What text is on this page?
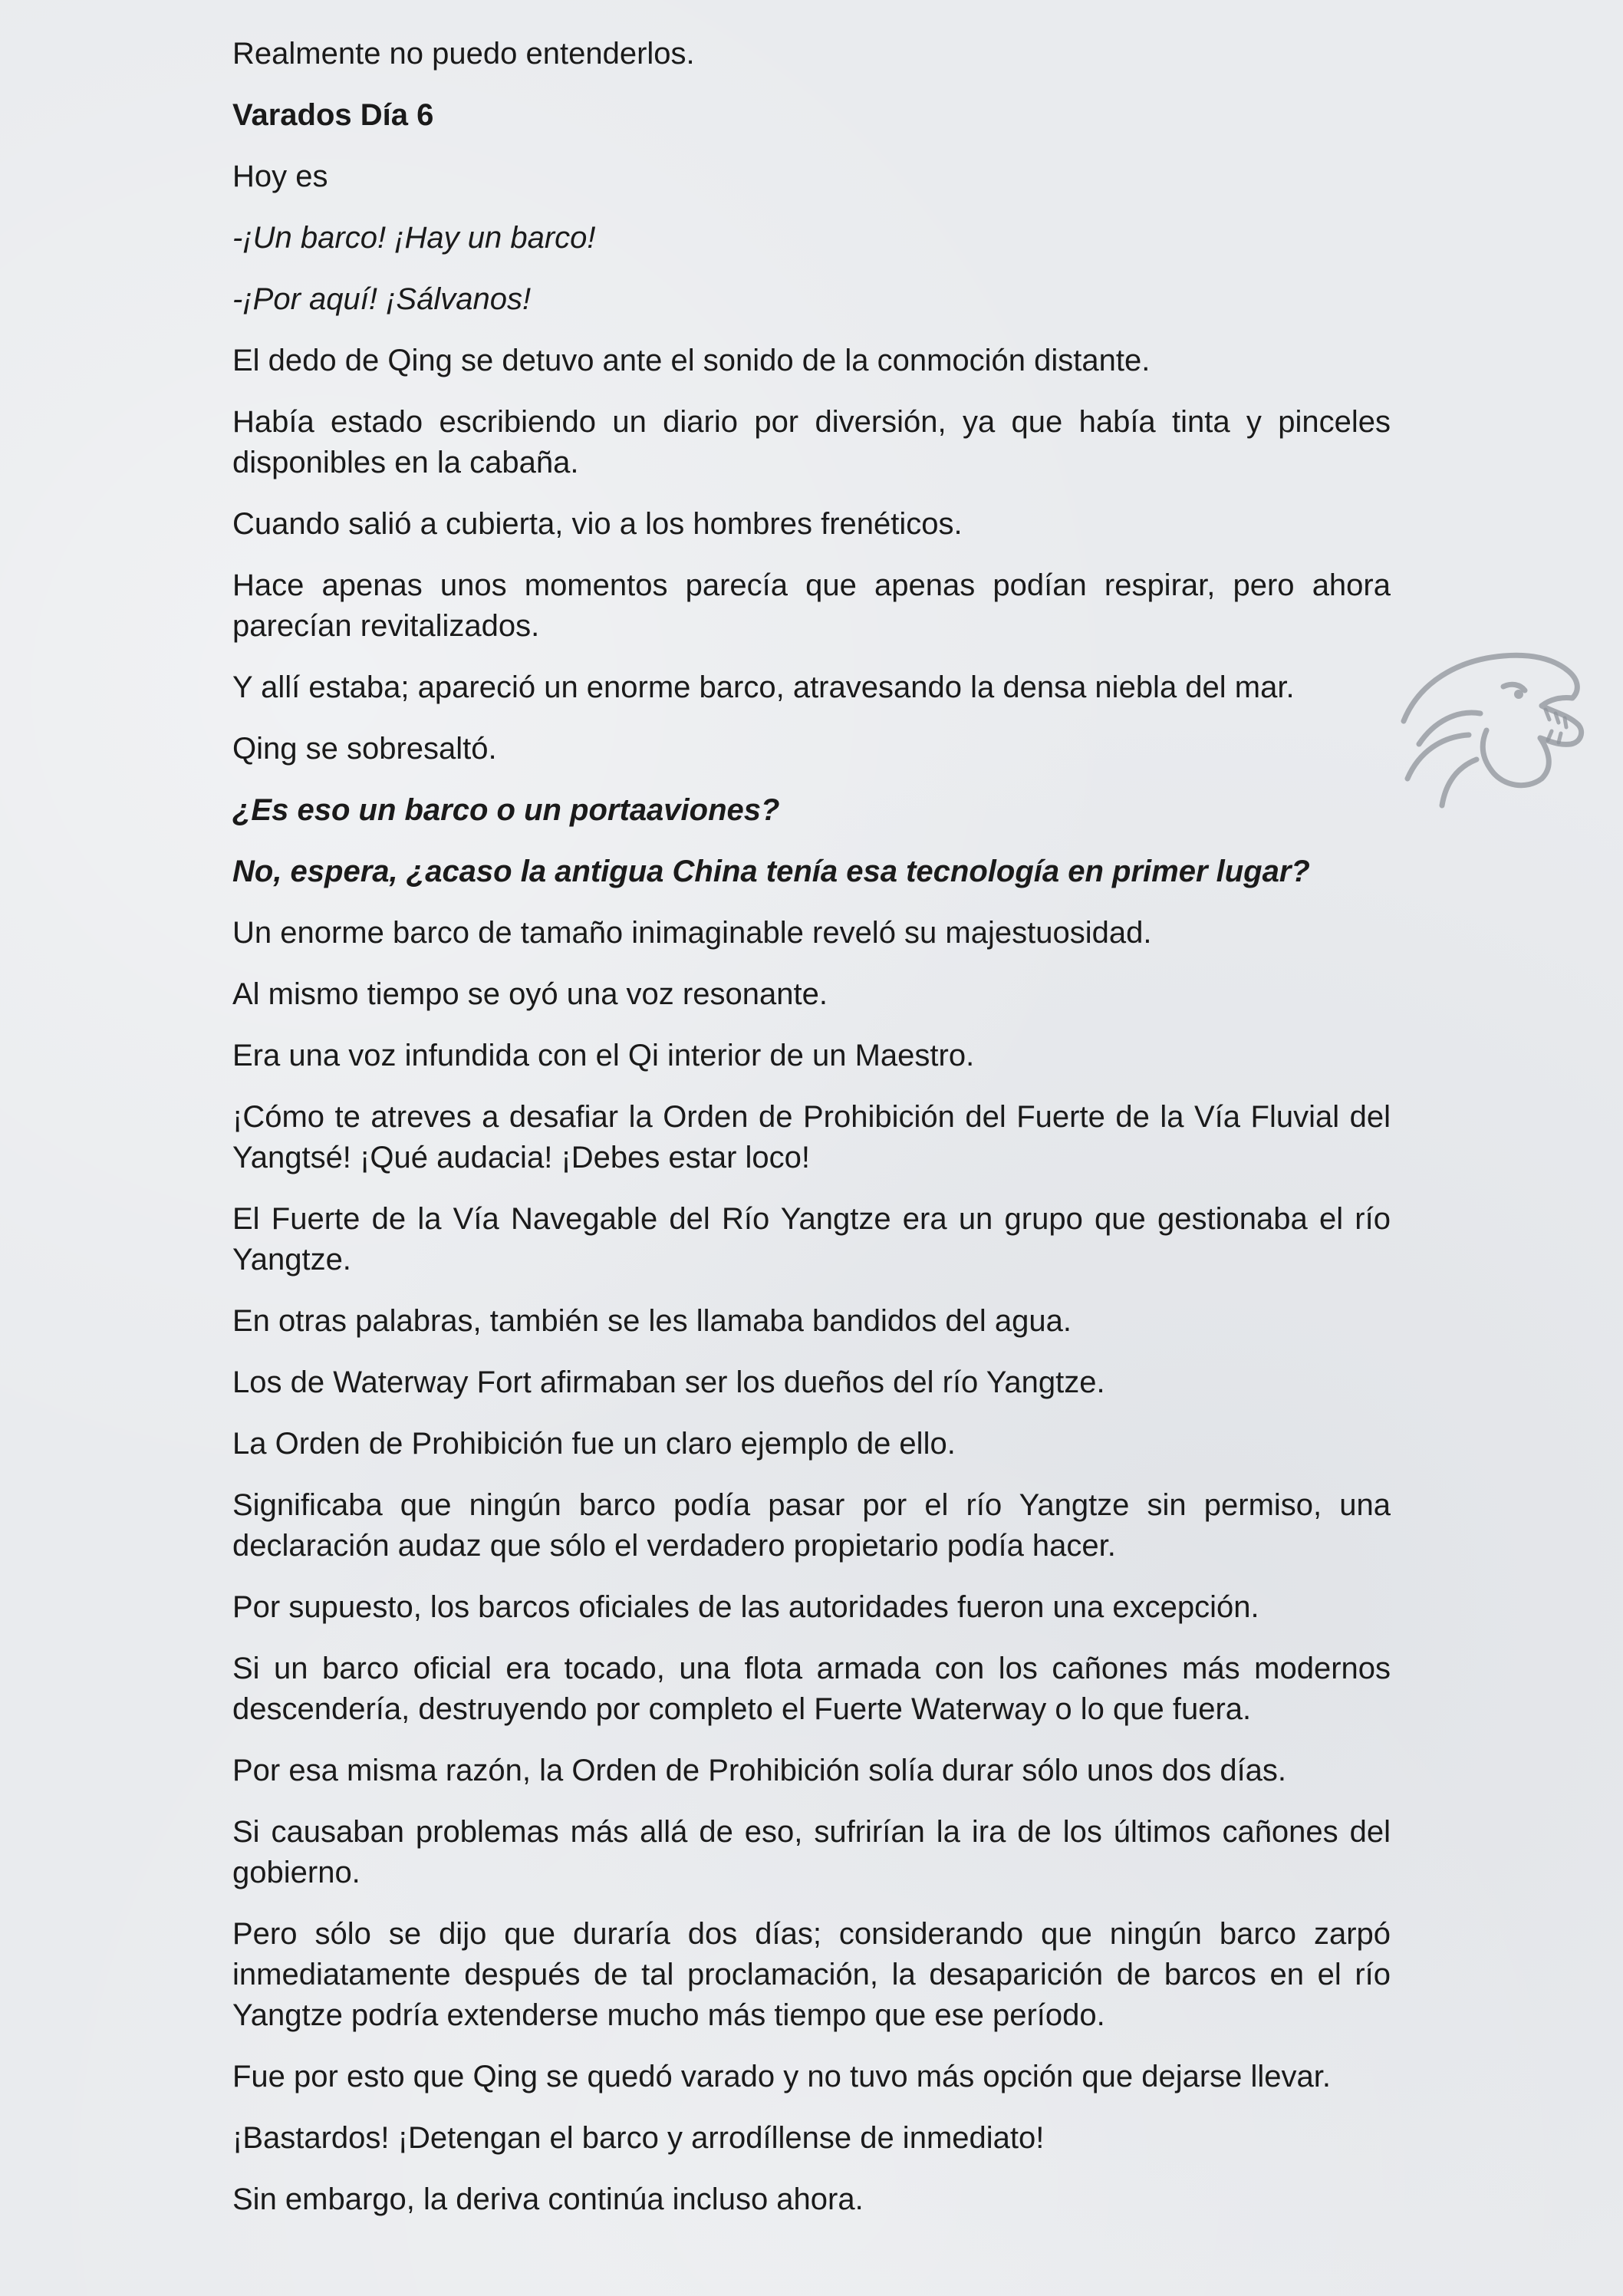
Realmente no puedo entenderlos.

Varados Día 6

Hoy es

-¡Un barco! ¡Hay un barco!

-¡Por aquí! ¡Sálvanos!

El dedo de Qing se detuvo ante el sonido de la conmoción distante.

Había estado escribiendo un diario por diversión, ya que había tinta y pinceles disponibles en la cabaña.

Cuando salió a cubierta, vio a los hombres frenéticos.

Hace apenas unos momentos parecía que apenas podían respirar, pero ahora parecían revitalizados.

Y allí estaba; apareció un enorme barco, atravesando la densa niebla del mar.

Qing se sobresaltó.

¿Es eso un barco o un portaaviones?

No, espera, ¿acaso la antigua China tenía esa tecnología en primer lugar?

Un enorme barco de tamaño inimaginable reveló su majestuosidad.

Al mismo tiempo se oyó una voz resonante.

Era una voz infundida con el Qi interior de un Maestro.

¡Cómo te atreves a desafiar la Orden de Prohibición del Fuerte de la Vía Fluvial del Yangtsé! ¡Qué audacia! ¡Debes estar loco!

El Fuerte de la Vía Navegable del Río Yangtze era un grupo que gestionaba el río Yangtze.

En otras palabras, también se les llamaba bandidos del agua.

Los de Waterway Fort afirmaban ser los dueños del río Yangtze.

La Orden de Prohibición fue un claro ejemplo de ello.

Significaba que ningún barco podía pasar por el río Yangtze sin permiso, una declaración audaz que sólo el verdadero propietario podía hacer.

Por supuesto, los barcos oficiales de las autoridades fueron una excepción.

Si un barco oficial era tocado, una flota armada con los cañones más modernos descendería, destruyendo por completo el Fuerte Waterway o lo que fuera.

Por esa misma razón, la Orden de Prohibición solía durar sólo unos dos días.

Si causaban problemas más allá de eso, sufrirían la ira de los últimos cañones del gobierno.

Pero sólo se dijo que duraría dos días; considerando que ningún barco zarpó inmediatamente después de tal proclamación, la desaparición de barcos en el río Yangtze podría extenderse mucho más tiempo que ese período.

Fue por esto que Qing se quedó varado y no tuvo más opción que dejarse llevar.

¡Bastardos! ¡Detengan el barco y arrodíllense de inmediato!

Sin embargo, la deriva continúa incluso ahora.
